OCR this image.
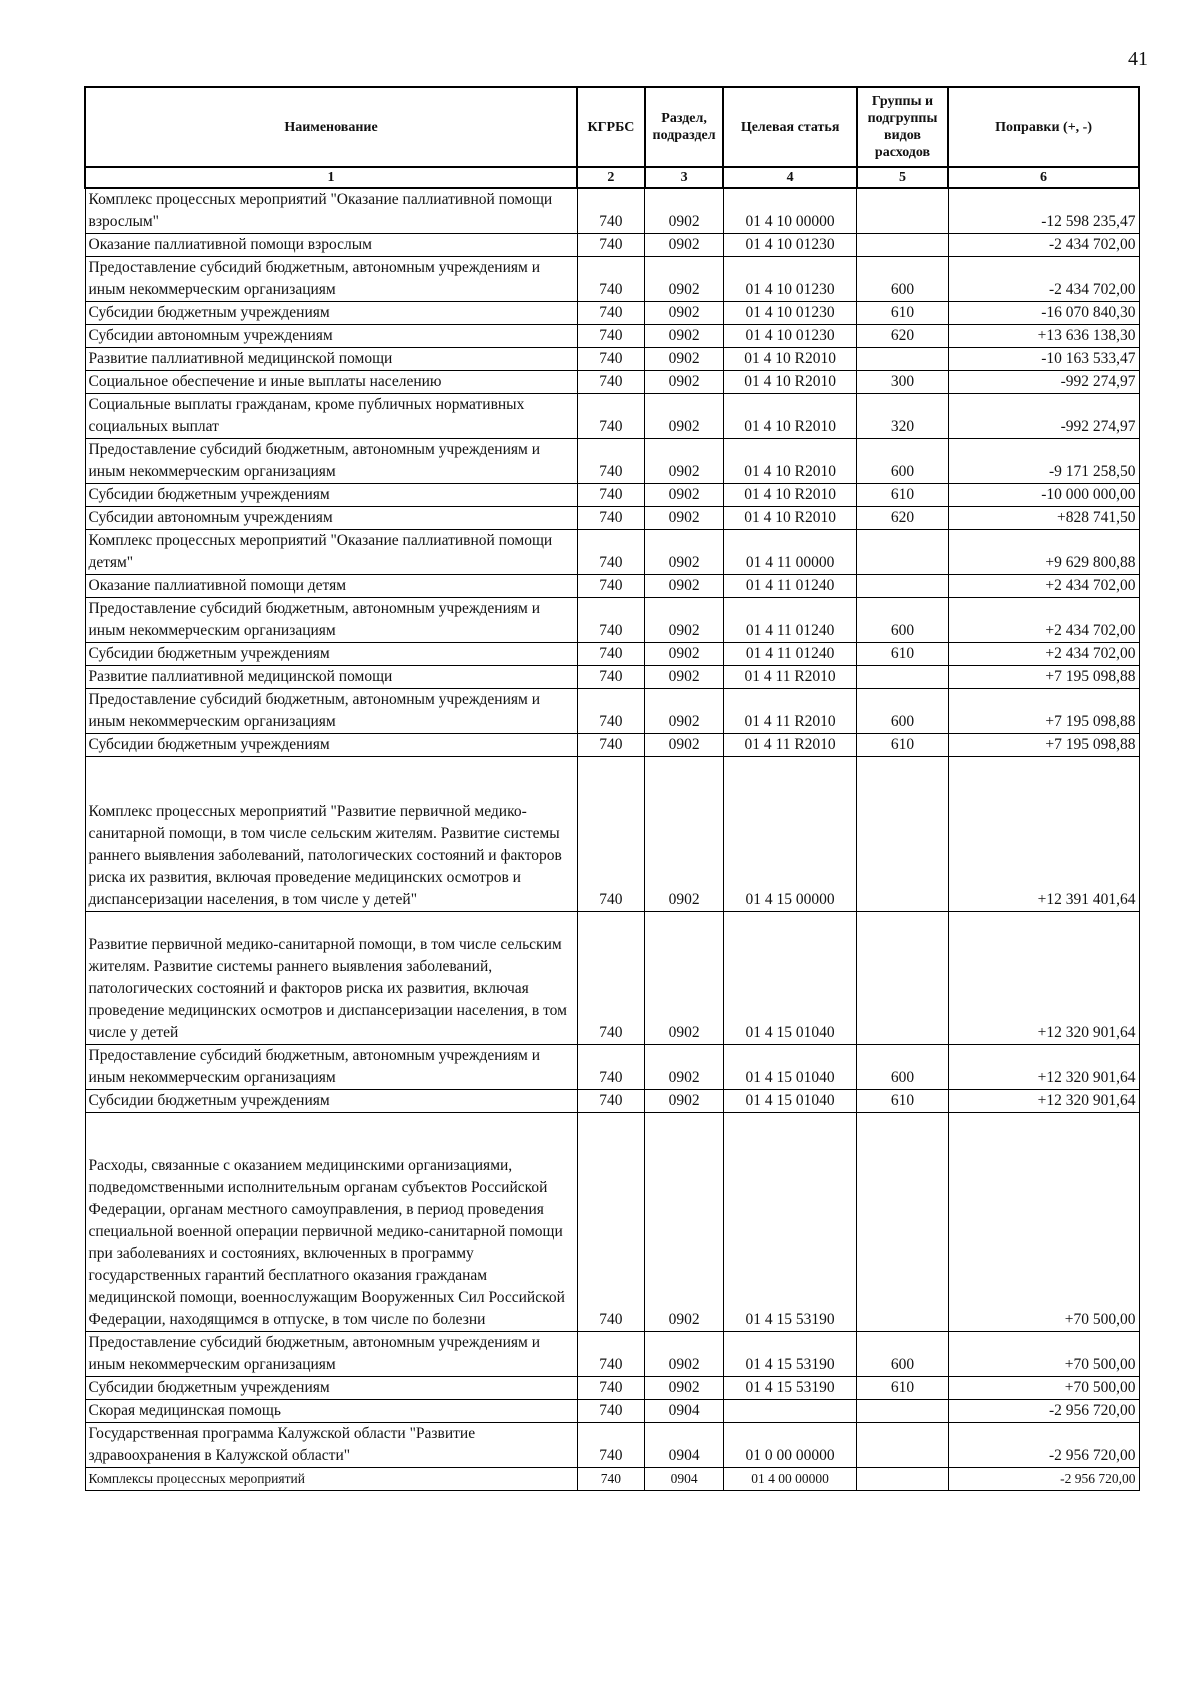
41
Наименование	КГРБС	Раздел, подраздел	Целевая статья	Группы и подгруппы видов расходов	Поправки (+, -)
1	2	3	4	5	6
Комплекс процессных мероприятий "Оказание паллиативной помощи взрослым"	740	0902	01 4 10 00000		-12 598 235,47
Оказание паллиативной помощи взрослым	740	0902	01 4 10 01230		-2 434 702,00
Предоставление субсидий бюджетным, автономным учреждениям и иным некоммерческим организациям	740	0902	01 4 10 01230	600	-2 434 702,00
Субсидии бюджетным учреждениям	740	0902	01 4 10 01230	610	-16 070 840,30
Субсидии автономным учреждениям	740	0902	01 4 10 01230	620	+13 636 138,30
Развитие паллиативной медицинской помощи	740	0902	01 4 10 R2010		-10 163 533,47
Социальное обеспечение и иные выплаты населению	740	0902	01 4 10 R2010	300	-992 274,97
Социальные выплаты гражданам, кроме публичных нормативных социальных выплат	740	0902	01 4 10 R2010	320	-992 274,97
Предоставление субсидий бюджетным, автономным учреждениям и иным некоммерческим организациям	740	0902	01 4 10 R2010	600	-9 171 258,50
Субсидии бюджетным учреждениям	740	0902	01 4 10 R2010	610	-10 000 000,00
Субсидии автономным учреждениям	740	0902	01 4 10 R2010	620	+828 741,50
Комплекс процессных мероприятий "Оказание паллиативной помощи детям"	740	0902	01 4 11 00000		+9 629 800,88
Оказание паллиативной помощи детям	740	0902	01 4 11 01240		+2 434 702,00
Предоставление субсидий бюджетным, автономным учреждениям и иным некоммерческим организациям	740	0902	01 4 11 01240	600	+2 434 702,00
Субсидии бюджетным учреждениям	740	0902	01 4 11 01240	610	+2 434 702,00
Развитие паллиативной медицинской помощи	740	0902	01 4 11 R2010		+7 195 098,88
Предоставление субсидий бюджетным, автономным учреждениям и иным некоммерческим организациям	740	0902	01 4 11 R2010	600	+7 195 098,88
Субсидии бюджетным учреждениям	740	0902	01 4 11 R2010	610	+7 195 098,88
Комплекс процессных мероприятий "Развитие первичной медико-санитарной помощи, в том числе сельским жителям. Развитие системы раннего выявления заболеваний, патологических состояний и факторов риска их развития, включая проведение медицинских осмотров и диспансеризации населения, в том числе у детей"	740	0902	01 4 15 00000		+12 391 401,64
Развитие первичной медико-санитарной помощи, в том числе сельским жителям. Развитие системы раннего выявления заболеваний, патологических состояний и факторов риска их развития, включая проведение медицинских осмотров и диспансеризации населения, в том числе у детей	740	0902	01 4 15 01040		+12 320 901,64
Предоставление субсидий бюджетным, автономным учреждениям и иным некоммерческим организациям	740	0902	01 4 15 01040	600	+12 320 901,64
Субсидии бюджетным учреждениям	740	0902	01 4 15 01040	610	+12 320 901,64
Расходы, связанные с оказанием медицинскими организациями, подведомственными исполнительным органам субъектов Российской Федерации, органам местного самоуправления, в период проведения специальной военной операции первичной медико-санитарной помощи при заболеваниях и состояниях, включенных в программу государственных гарантий бесплатного оказания гражданам медицинской помощи, военнослужащим Вооруженных Сил Российской Федерации, находящимся в отпуске, в том числе по болезни	740	0902	01 4 15 53190		+70 500,00
Предоставление субсидий бюджетным, автономным учреждениям и иным некоммерческим организациям	740	0902	01 4 15 53190	600	+70 500,00
Субсидии бюджетным учреждениям	740	0902	01 4 15 53190	610	+70 500,00
Скорая медицинская помощь	740	0904			-2 956 720,00
Государственная программа Калужской области "Развитие здравоохранения в Калужской области"	740	0904	01 0 00 00000		-2 956 720,00
Комплексы процессных мероприятий	740	0904	01 4 00 00000		-2 956 720,00
